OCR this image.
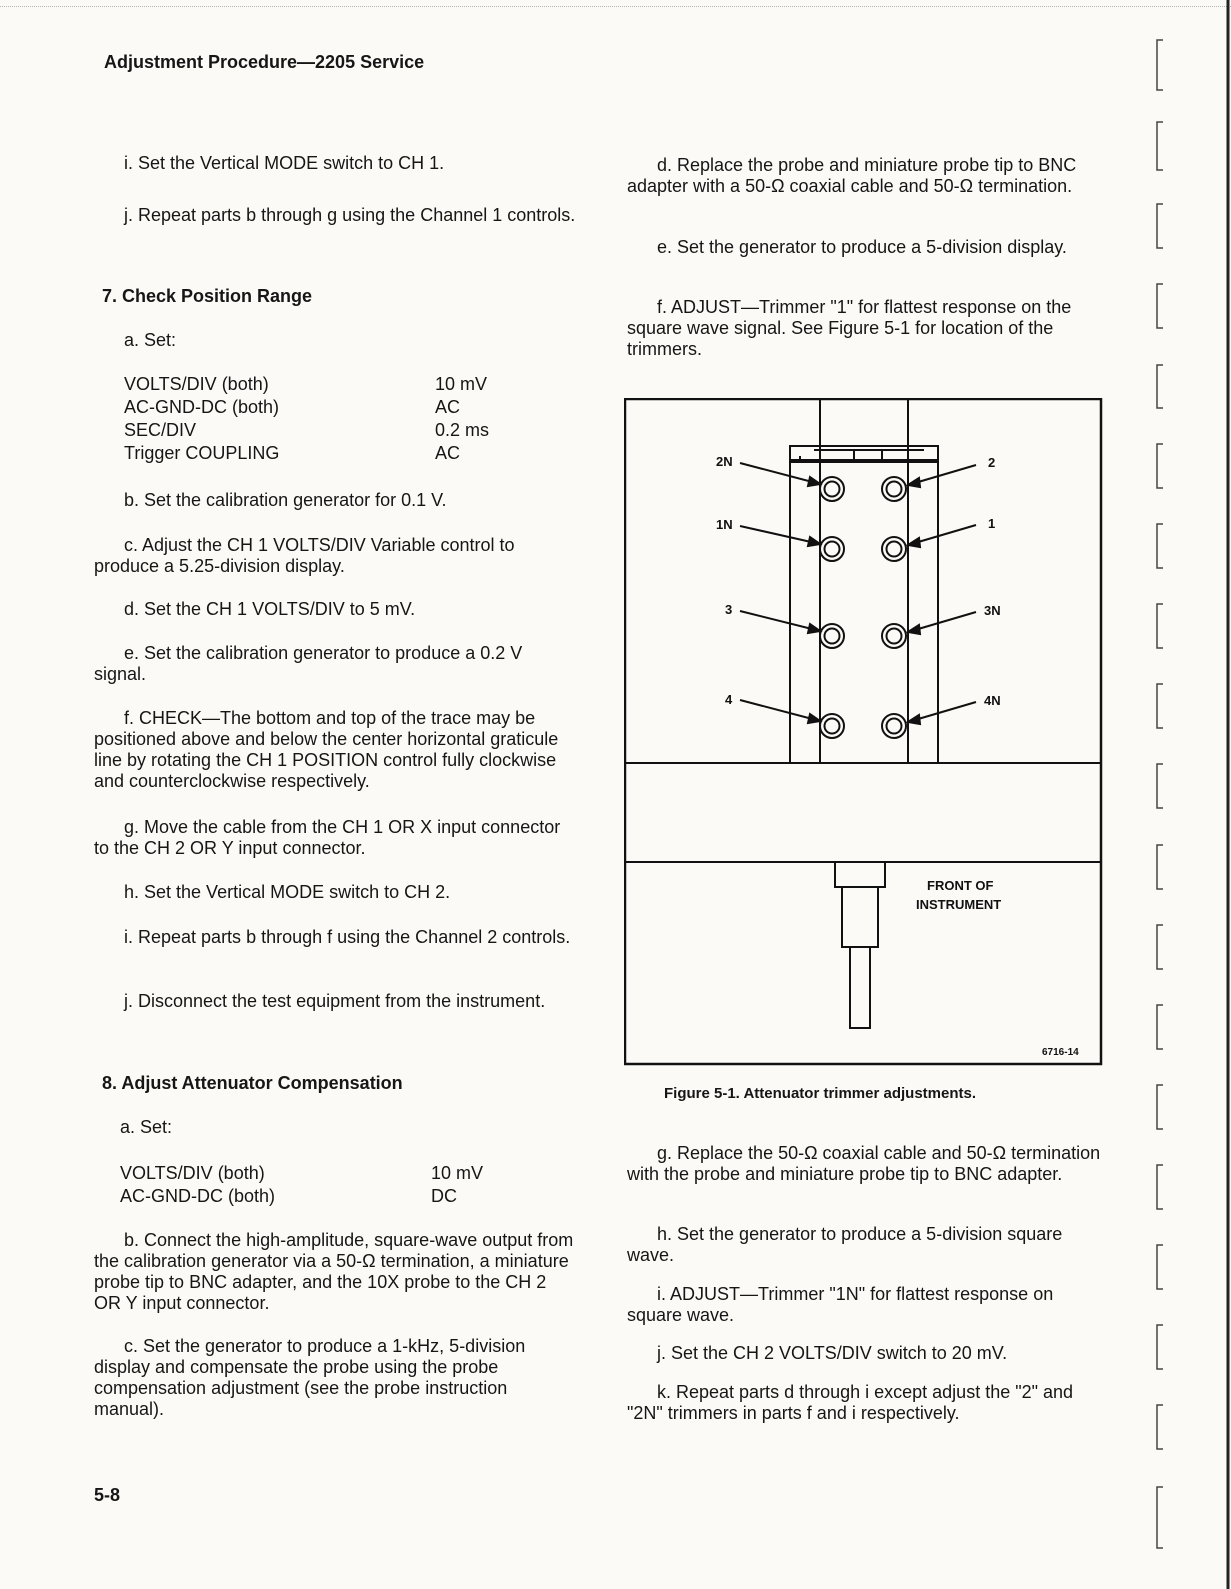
Adjustment Procedure—2205 Service

i. Set the Vertical MODE switch to CH 1.

j. Repeat parts b through g using the Channel 1 controls.

7. Check Position Range

a. Set:

VOLTS/DIV (both)	10 mV
AC-GND-DC (both)	AC
SEC/DIV	0.2 ms
Trigger COUPLING	AC

b. Set the calibration generator for 0.1 V.

c. Adjust the CH 1 VOLTS/DIV Variable control to produce a 5.25-division display.

d. Set the CH 1 VOLTS/DIV to 5 mV.

e. Set the calibration generator to produce a 0.2 V signal.

f. CHECK—The bottom and top of the trace may be positioned above and below the center horizontal graticule line by rotating the CH 1 POSITION control fully clockwise and counterclockwise respectively.

g. Move the cable from the CH 1 OR X input connector to the CH 2 OR Y input connector.

h. Set the Vertical MODE switch to CH 2.

i. Repeat parts b through f using the Channel 2 controls.

j. Disconnect the test equipment from the instrument.

8. Adjust Attenuator Compensation

a. Set:

VOLTS/DIV (both)	10 mV
AC-GND-DC (both)	DC

b. Connect the high-amplitude, square-wave output from the calibration generator via a 50-Ω termination, a miniature probe tip to BNC adapter, and the 10X probe to the CH 2 OR Y input connector.

c. Set the generator to produce a 1-kHz, 5-division display and compensate the probe using the probe compensation adjustment (see the probe instruction manual).

d. Replace the probe and miniature probe tip to BNC adapter with a 50-Ω coaxial cable and 50-Ω termination.

e. Set the generator to produce a 5-division display.

f. ADJUST—Trimmer "1" for flattest response on the square wave signal. See Figure 5-1 for location of the trimmers.

2N
1N
3
4
2
1
3N
4N
FRONT OF
INSTRUMENT
6716-14
Figure 5-1. Attenuator trimmer adjustments.

g. Replace the 50-Ω coaxial cable and 50-Ω termination with the probe and miniature probe tip to BNC adapter.

h. Set the generator to produce a 5-division square wave.

i. ADJUST—Trimmer "1N" for flattest response on square wave.

j. Set the CH 2 VOLTS/DIV switch to 20 mV.

k. Repeat parts d through i except adjust the "2" and "2N" trimmers in parts f and i respectively.

5-8
